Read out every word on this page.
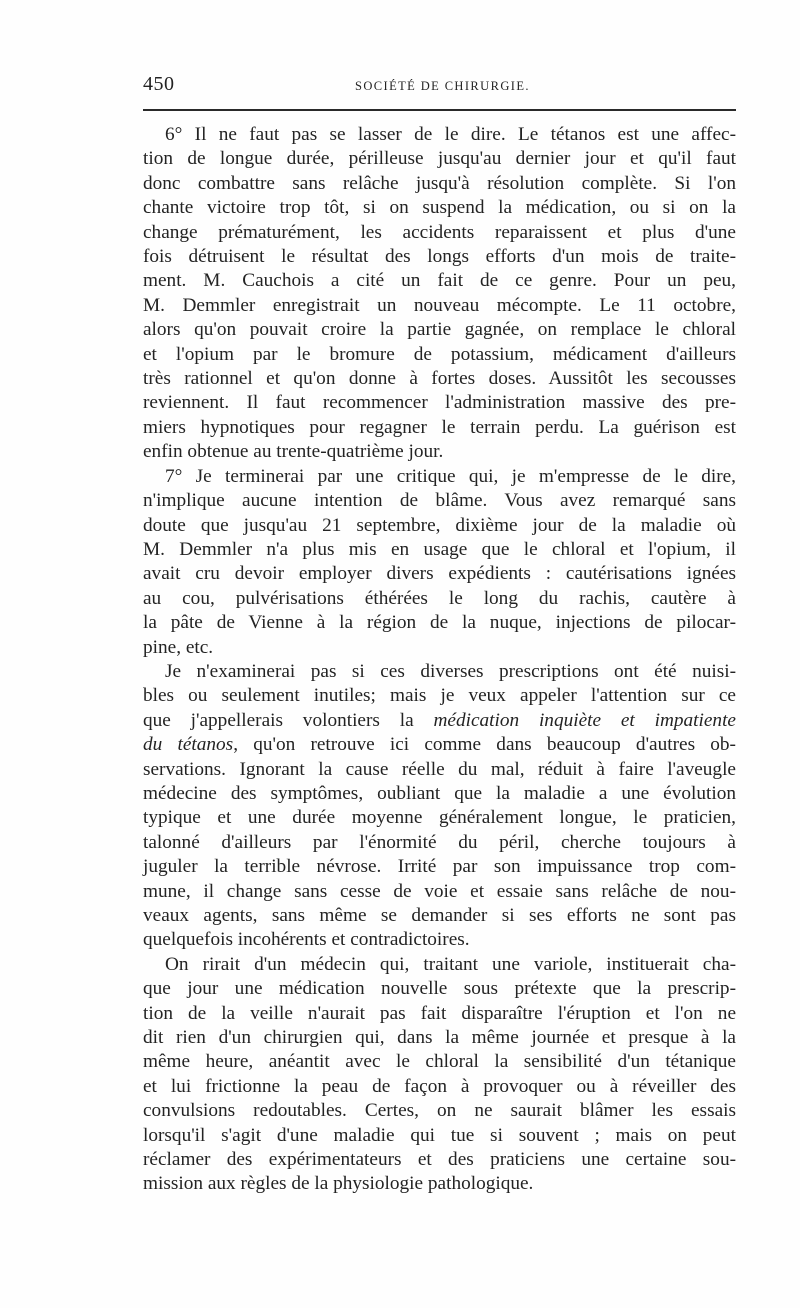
450	SOCIÉTÉ DE CHIRURGIE.

6° Il ne faut pas se lasser de le dire. Le tétanos est une affec-
tion de longue durée, périlleuse jusqu'au dernier jour et qu'il faut
donc combattre sans relâche jusqu'à résolution complète. Si l'on
chante victoire trop tôt, si on suspend la médication, ou si on la
change prématurément, les accidents reparaissent et plus d'une
fois détruisent le résultat des longs efforts d'un mois de traite-
ment. M. Cauchois a cité un fait de ce genre. Pour un peu,
M. Demmler enregistrait un nouveau mécompte. Le 11 octobre,
alors qu'on pouvait croire la partie gagnée, on remplace le chloral
et l'opium par le bromure de potassium, médicament d'ailleurs
très rationnel et qu'on donne à fortes doses. Aussitôt les secousses
reviennent. Il faut recommencer l'administration massive des pre-
miers hypnotiques pour regagner le terrain perdu. La guérison est
enfin obtenue au trente-quatrième jour.

7° Je terminerai par une critique qui, je m'empresse de le dire,
n'implique aucune intention de blâme. Vous avez remarqué sans
doute que jusqu'au 21 septembre, dixième jour de la maladie où
M. Demmler n'a plus mis en usage que le chloral et l'opium, il
avait cru devoir employer divers expédients : cautérisations ignées
au cou, pulvérisations éthérées le long du rachis, cautère à
la pâte de Vienne à la région de la nuque, injections de pilocar-
pine, etc.

Je n'examinerai pas si ces diverses prescriptions ont été nuisi-
bles ou seulement inutiles; mais je veux appeler l'attention sur ce
que j'appellerais volontiers la médication inquiète et impatiente
du tétanos, qu'on retrouve ici comme dans beaucoup d'autres ob-
servations. Ignorant la cause réelle du mal, réduit à faire l'aveugle
médecine des symptômes, oubliant que la maladie a une évolution
typique et une durée moyenne généralement longue, le praticien,
talonné d'ailleurs par l'énormité du péril, cherche toujours à
juguler la terrible névrose. Irrité par son impuissance trop com-
mune, il change sans cesse de voie et essaie sans relâche de nou-
veaux agents, sans même se demander si ses efforts ne sont pas
quelquefois incohérents et contradictoires.

On rirait d'un médecin qui, traitant une variole, instituerait cha-
que jour une médication nouvelle sous prétexte que la prescrip-
tion de la veille n'aurait pas fait disparaître l'éruption et l'on ne
dit rien d'un chirurgien qui, dans la même journée et presque à la
même heure, anéantit avec le chloral la sensibilité d'un tétanique
et lui frictionne la peau de façon à provoquer ou à réveiller des
convulsions redoutables. Certes, on ne saurait blâmer les essais
lorsqu'il s'agit d'une maladie qui tue si souvent ; mais on peut
réclamer des expérimentateurs et des praticiens une certaine sou-
mission aux règles de la physiologie pathologique.
